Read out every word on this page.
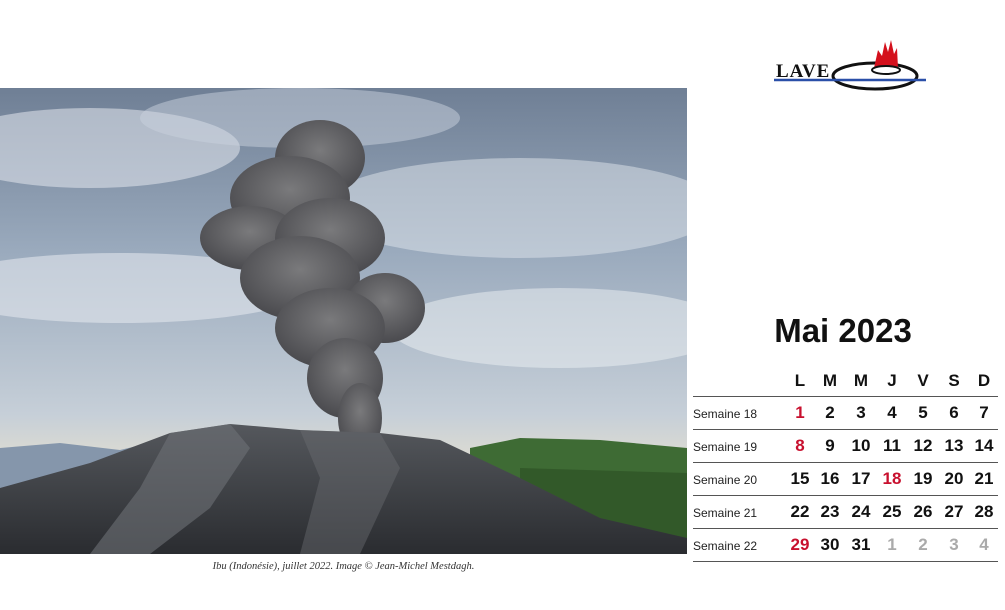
LAVE
Ibu (Indonésie), juillet 2022. Image © Jean-Michel Mestdagh.
Mai 2023
L	M M	J	V	S	D
Semaine 18	1	2	3	4	5	6	7
Semaine 19	8	9 10 11 12 13 14
Semaine 20	15 16 17 18 19 20 21
Semaine 21	22 23 24 25 26 27 28
Semaine 22	29 30 31 1	2	3	4
